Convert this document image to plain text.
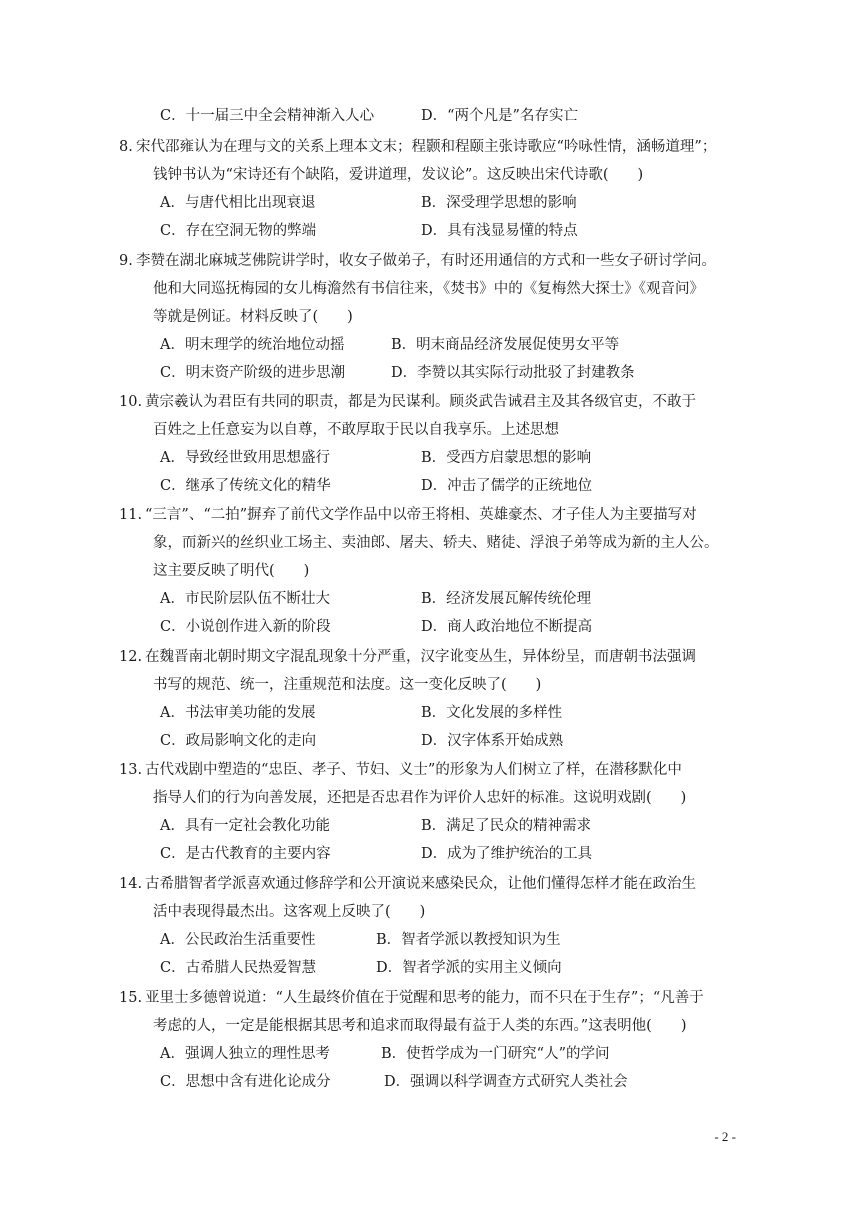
C．十一届三中全会精神渐入人心	D．“两个凡是”名存实亡
8. 宋代邵雍认为在理与文的关系上理本文末；程颢和程颐主张诗歌应“吟咏性情，涵畅道理”；
钱钟书认为“宋诗还有个缺陷，爱讲道理，发议论”。这反映出宋代诗歌(　　)
A．与唐代相比出现衰退	B．深受理学思想的影响
C．存在空洞无物的弊端	D．具有浅显易懂的特点
9. 李赞在湖北麻城芝佛院讲学时，收女子做弟子，有时还用通信的方式和一些女子研讨学问。
他和大同巡抚梅园的女儿梅澹然有书信往来，《焚书》中的《复梅然大探士》《观音问》
等就是例证。材料反映了(　　)
A．明末理学的统治地位动摇	B．明末商品经济发展促使男女平等
C．明末资产阶级的进步思潮	D．李赞以其实际行动批驳了封建教条
10. 黄宗羲认为君臣有共同的职责，都是为民谋利。顾炎武告诫君主及其各级官吏，不敢于
百姓之上任意妄为以自尊，不敢厚取于民以自我享乐。上述思想
A．导致经世致用思想盛行	B．受西方启蒙思想的影响
C．继承了传统文化的精华	D．冲击了儒学的正统地位
11. “三言”、“二拍”摒弃了前代文学作品中以帝王将相、英雄豪杰、才子佳人为主要描写对
象，而新兴的丝织业工场主、卖油郎、屠夫、轿夫、赌徒、浮浪子弟等成为新的主人公。
这主要反映了明代(　　)
A．市民阶层队伍不断壮大	B．经济发展瓦解传统伦理
C．小说创作进入新的阶段	D．商人政治地位不断提高
12. 在魏晋南北朝时期文字混乱现象十分严重，汉字讹变丛生，异体纷呈，而唐朝书法强调
书写的规范、统一，注重规范和法度。这一变化反映了(　　)
A．书法审美功能的发展	B．文化发展的多样性
C．政局影响文化的走向	D．汉字体系开始成熟
13. 古代戏剧中塑造的“忠臣、孝子、节妇、义士”的形象为人们树立了样，在潜移默化中
指导人们的行为向善发展，还把是否忠君作为评价人忠奸的标准。这说明戏剧(　　)
A．具有一定社会教化功能	B．满足了民众的精神需求
C．是古代教育的主要内容	D．成为了维护统治的工具
14. 古希腊智者学派喜欢通过修辞学和公开演说来感染民众，让他们懂得怎样才能在政治生
活中表现得最杰出。这客观上反映了(　　)
A．公民政治生活重要性	B．智者学派以教授知识为生
C．古希腊人民热爱智慧	D．智者学派的实用主义倾向
15. 亚里士多德曾说道：“人生最终价值在于觉醒和思考的能力，而不只在于生存”；“凡善于
考虑的人，一定是能根据其思考和追求而取得最有益于人类的东西。”这表明他(　　)
A．强调人独立的理性思考	B．使哲学成为一门研究“人”的学问
C．思想中含有进化论成分	D．强调以科学调查方式研究人类社会
- 2 -
